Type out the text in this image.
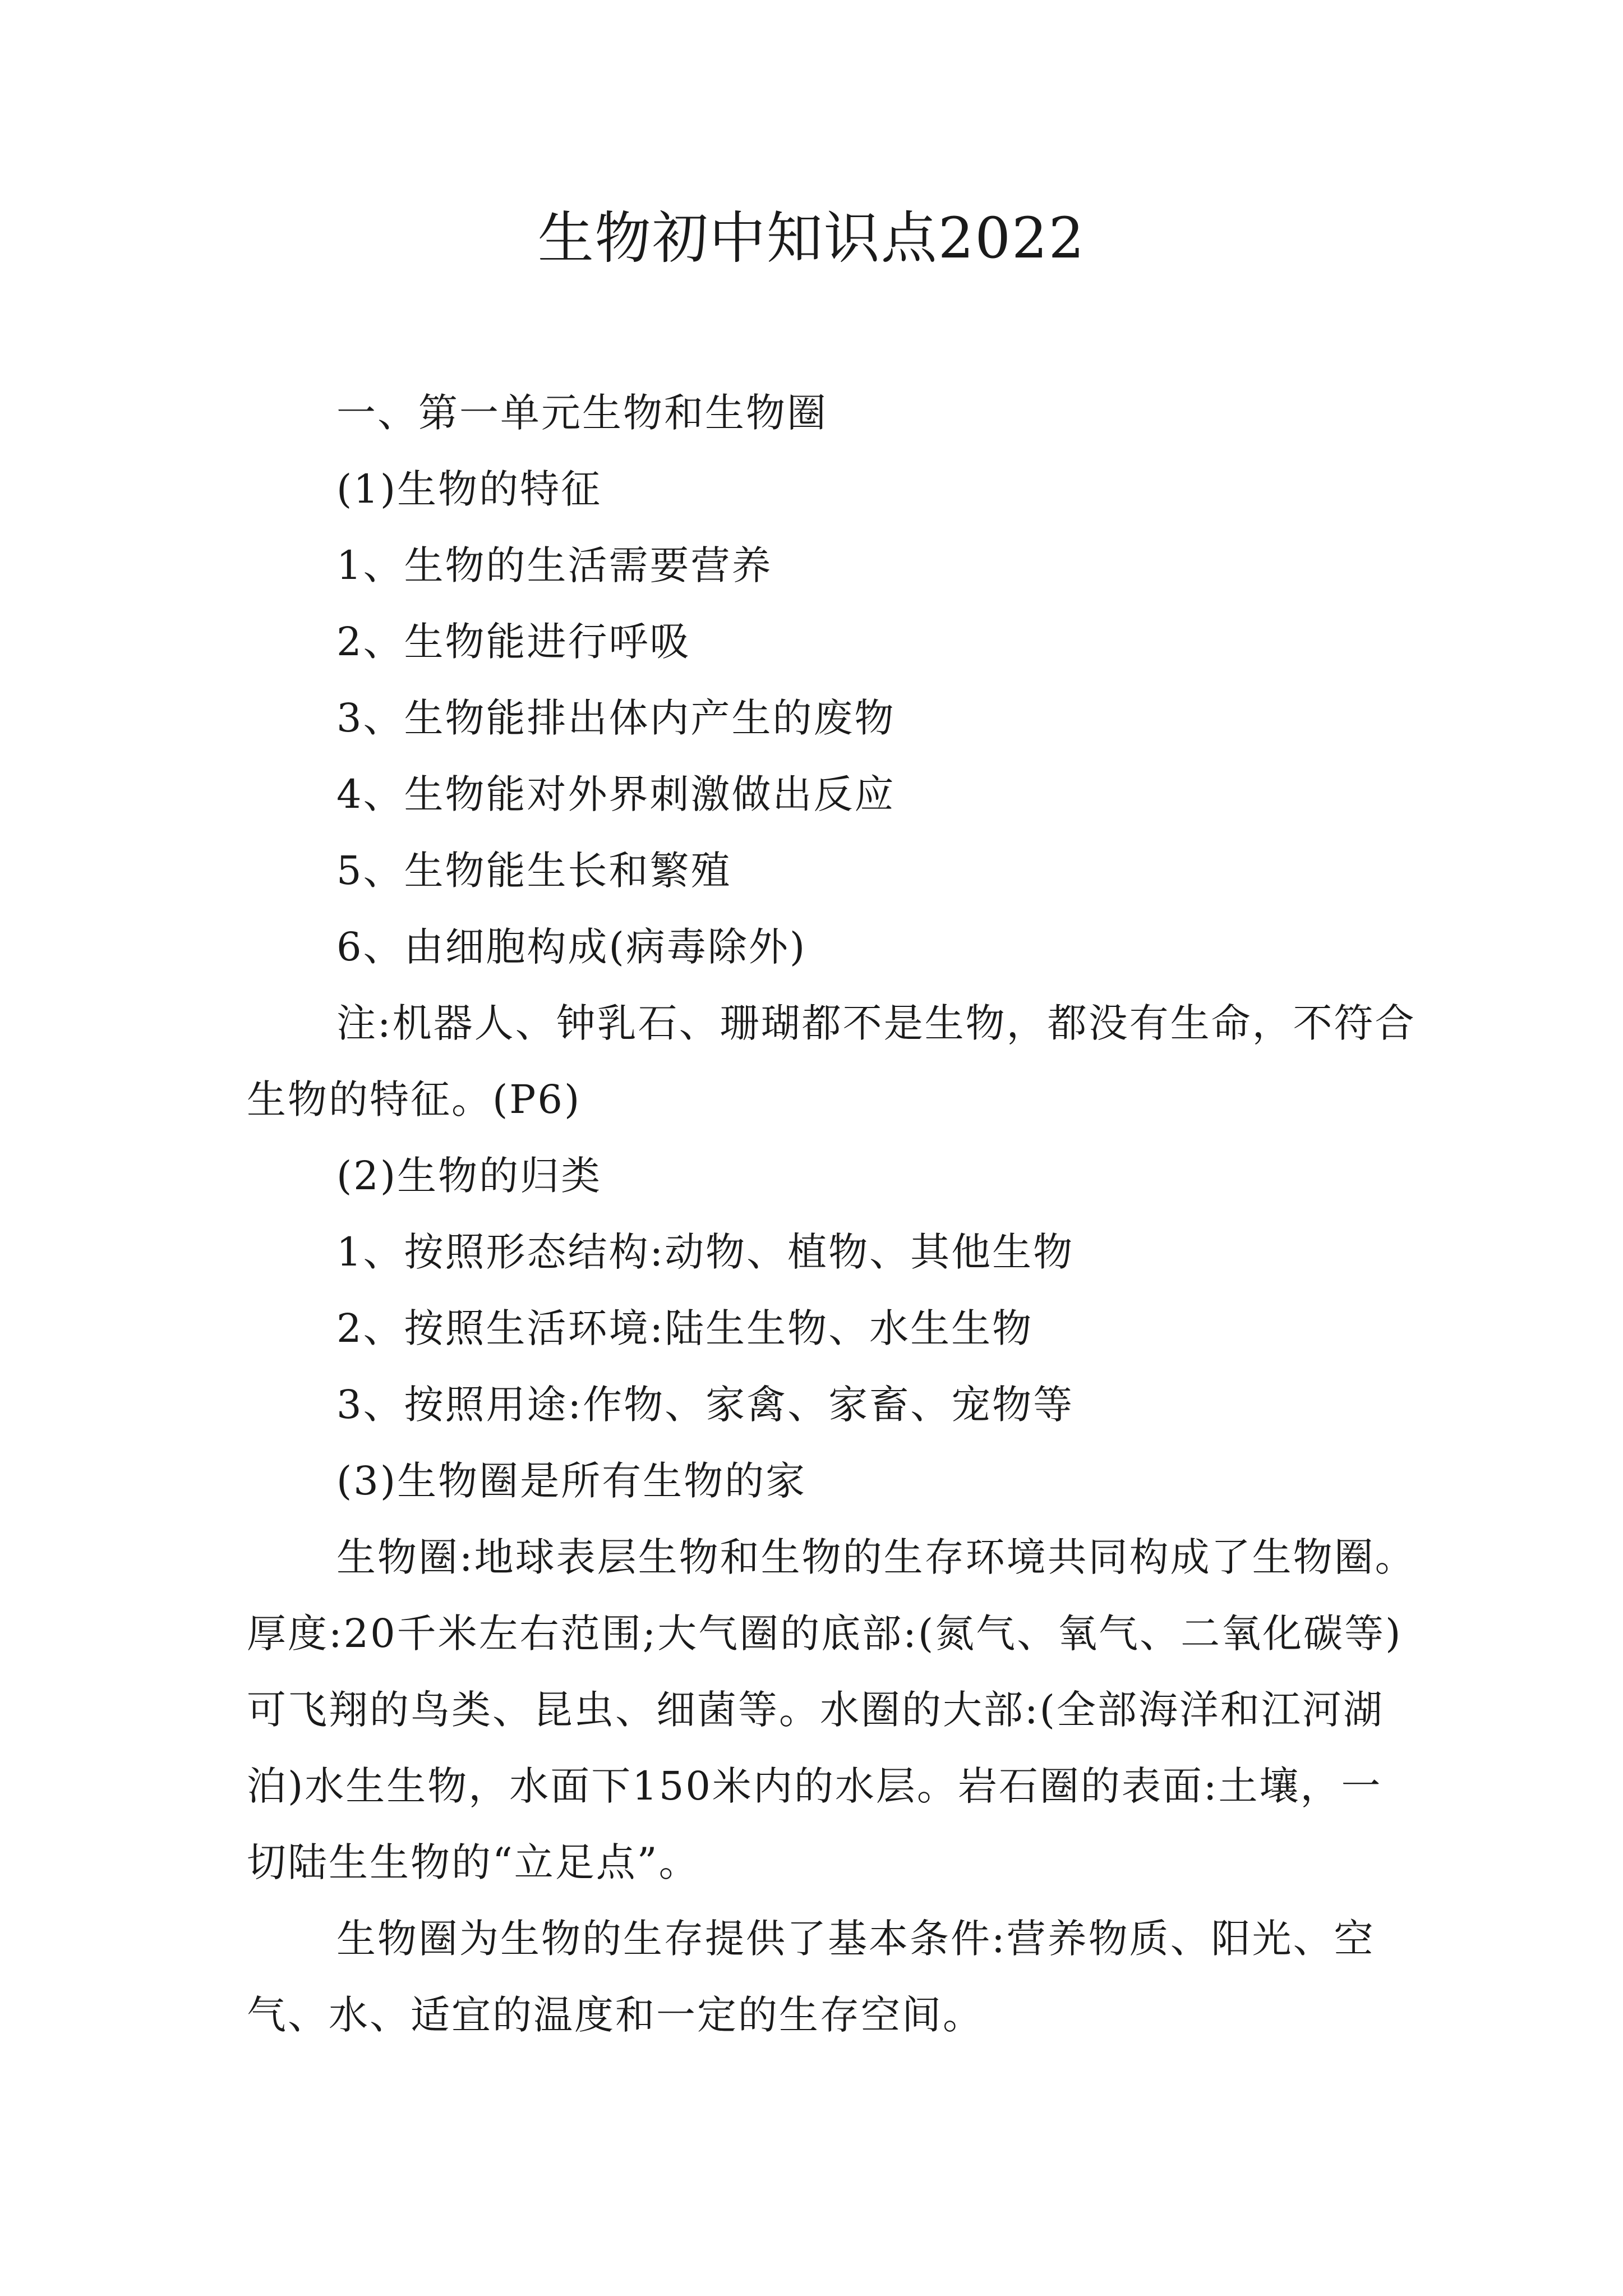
生物初中知识点2022

一、第一单元生物和生物圈

(1)生物的特征

1、生物的生活需要营养

2、生物能进行呼吸

3、生物能排出体内产生的废物

4、生物能对外界刺激做出反应

5、生物能生长和繁殖

6、由细胞构成(病毒除外)

注:机器人、钟乳石、珊瑚都不是生物，都没有生命，不符合生物的特征。(P6)

(2)生物的归类

1、按照形态结构:动物、植物、其他生物

2、按照生活环境:陆生生物、水生生物

3、按照用途:作物、家禽、家畜、宠物等

(3)生物圈是所有生物的家

生物圈:地球表层生物和生物的生存环境共同构成了生物圈。厚度:20千米左右范围;大气圈的底部:(氮气、氧气、二氧化碳等)可飞翔的鸟类、昆虫、细菌等。水圈的大部:(全部海洋和江河湖泊)水生生物，水面下150米内的水层。岩石圈的表面:土壤，一切陆生生物的“立足点”。

生物圈为生物的生存提供了基本条件:营养物质、阳光、空气、水、适宜的温度和一定的生存空间。
